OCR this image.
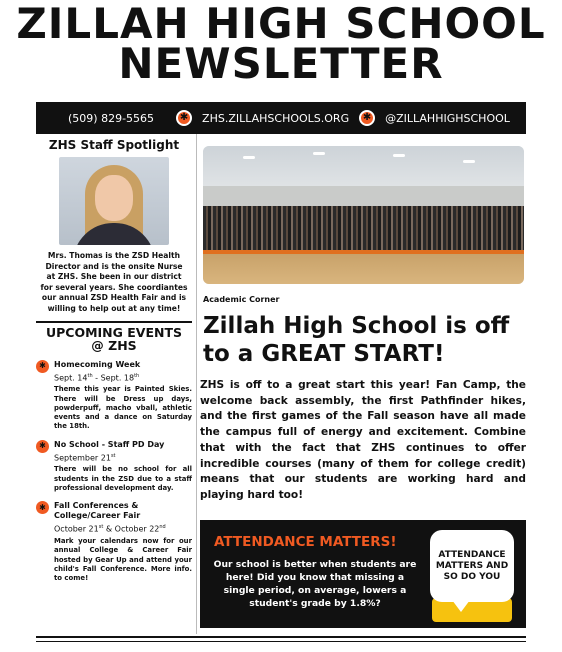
ZILLAH HIGH SCHOOL
NEWSLETTER
(509) 829-5565	✱	ZHS.ZILLAHSCHOOLS.ORG	✱	@ZILLAHHIGHSCHOOL
ZHS Staff Spotlight
Mrs. Thomas is the ZSD Health Director and is the onsite Nurse at ZHS. She been in our district for several years. She coordiantes our annual ZSD Health Fair and is willing to help out at any time!
UPCOMING EVENTS
@ ZHS
✱	Homecoming Week
Sept. 14th - Sept. 18th
Theme this year is Painted Skies. There will be Dress up days, powderpuff, macho vball, athletic events and a dance on Saturday the 18th.
✱	No School - Staff PD Day
September 21st
There will be no school for all students in the ZSD due to a staff professional development day.
✱	Fall Conferences & College/Career Fair
October 21st & October 22nd
Mark your calendars now for our annual College & Career Fair hosted by Gear Up and attend your child's Fall Conference. More info. to come!
Academic Corner
Zillah High School is off to a GREAT START!
ZHS is off to a great start this year! Fan Camp, the welcome back assembly, the first Pathfinder hikes, and the first games of the Fall season have all made the campus full of energy and excitement. Combine that with the fact that ZHS continues to offer incredible courses (many of them for college credit) means that our students are working hard and playing hard too!
ATTENDANCE MATTERS!
Our school is better when students are here! Did you know that missing a single period, on average, lowers a student's grade by 1.8%?
ATTENDANCE MATTERS AND SO DO YOU
